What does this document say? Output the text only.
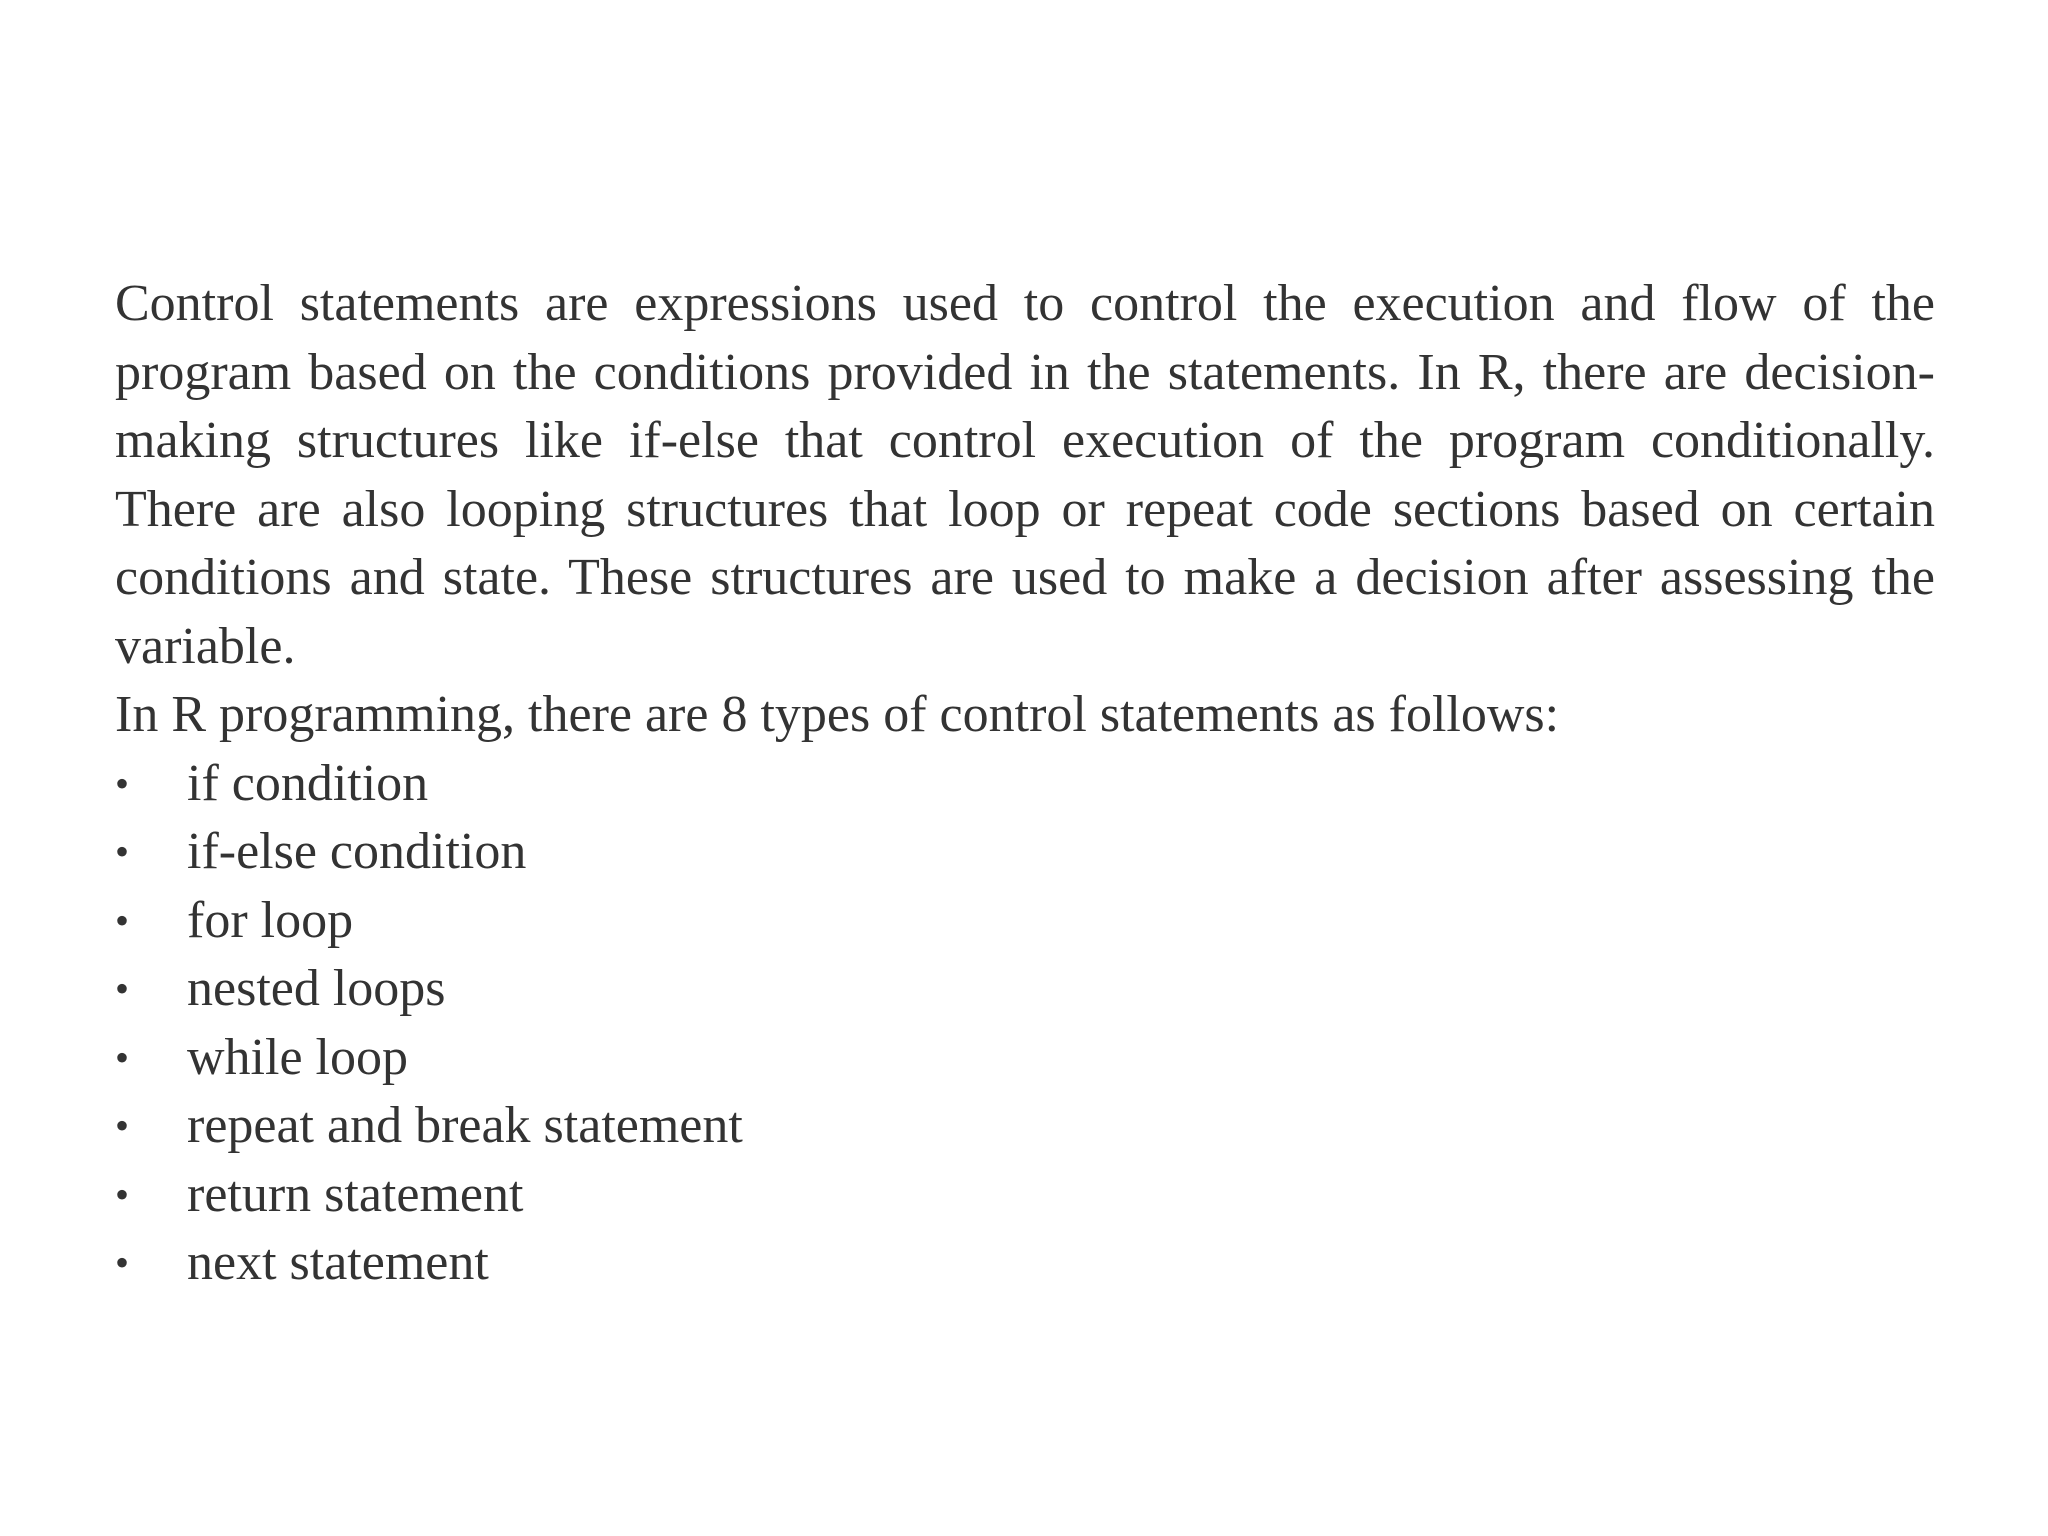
Control statements are expressions used to control the execution and flow of the program based on the conditions provided in the statements. In R, there are decision-making structures like if-else that control execution of the program conditionally. There are also looping structures that loop or repeat code sections based on certain conditions and state. These structures are used to make a decision after assessing the variable.

In R programming, there are 8 types of control statements as follows:

•	if condition
•	if-else condition
•	for loop
•	nested loops
•	while loop
•	repeat and break statement
•	return statement
•	next statement
